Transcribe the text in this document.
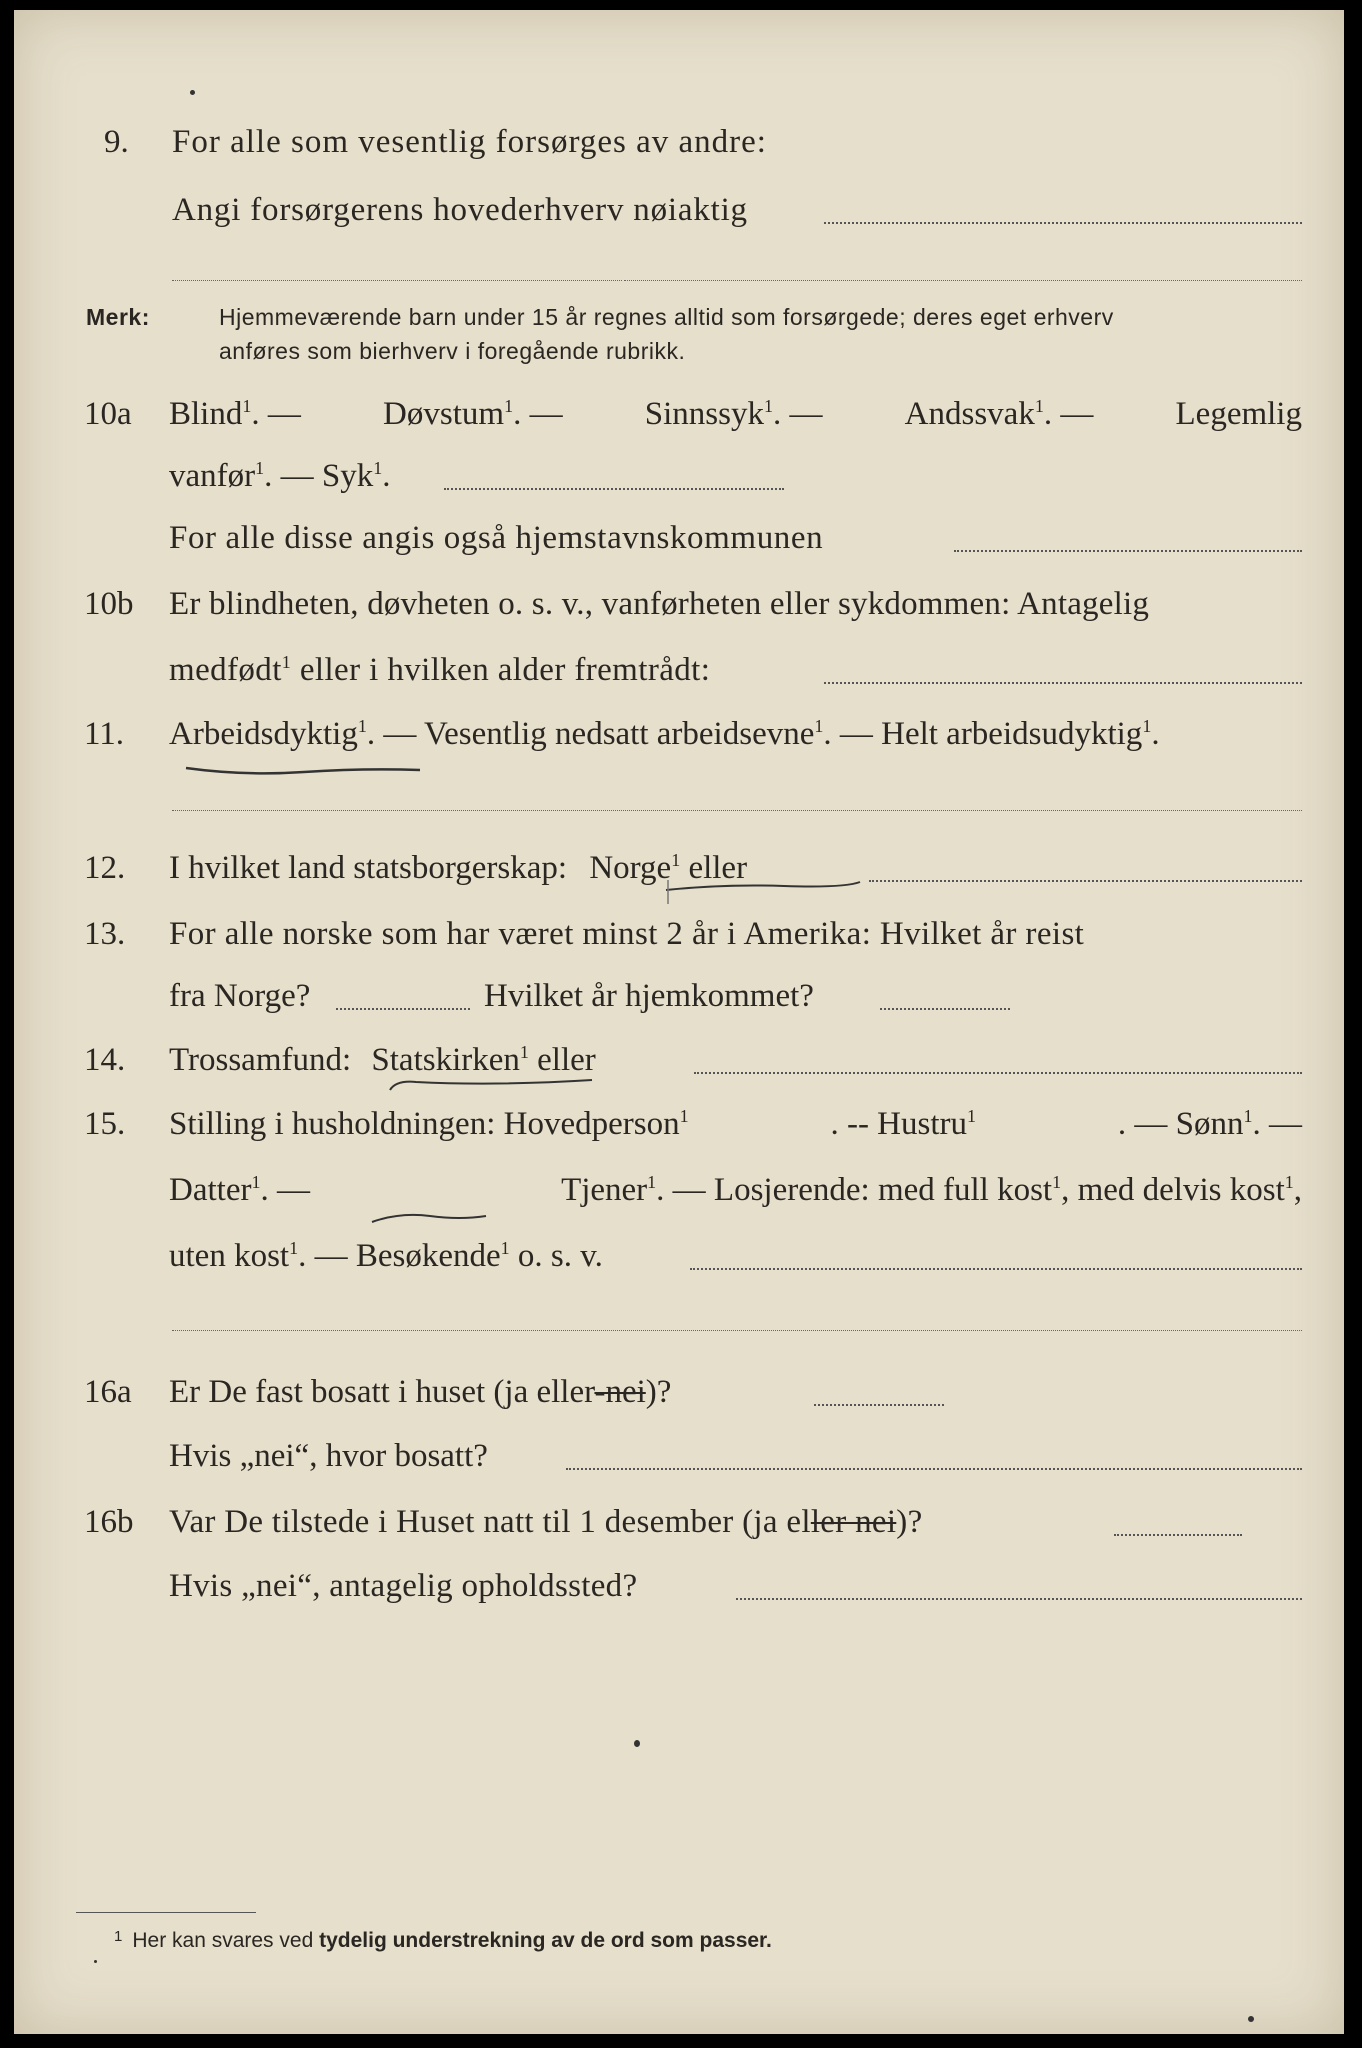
9. For alle som vesentlig forsørges av andre:
Angi forsørgerens hovederhverv nøiaktig
Merk:	Hjemmeværende barn under 15 år regnes alltid som forsørgede; deres eget erhverv
anføres som bierhverv i foregående rubrikk.
10a Blind$^1$. — Døvstum$^1$. — Sinnssyk$^1$. — Andssvak$^1$. — Legemlig
vanfør$^1$. — Syk$^1$.
For alle disse angis også hjemstavnskommunen
10b Er blindheten, døvheten o. s. v., vanførheten eller sykdommen: Antagelig
medfødt$^1$ eller i hvilken alder fremtrådt:
11. Arbeidsdyktig$^1$. — Vesentlig nedsatt arbeidsevne$^1$. — Helt arbeidsudyktig$^1$.
12. I hvilket land statsborgerskap: Norge$^1$ eller
13. For alle norske som har været minst 2 år i Amerika: Hvilket år reist
fra Norge?	Hvilket år hjemkommet?
14. Trossamfund: Statskirken$^1$ eller
15. Stilling i husholdningen: Hovedperson$^1$	. -- Hustru$^1$	. — Sønn$^1$. —
Datter$^1$. —	Tjener$^1$. — Losjerende: med full kost$^1$, med delvis kost$^1$,
uten kost$^1$. — Besøkende$^1$ o. s. v.
16a Er De fast bosatt i huset (ja eller-nei)?
Hvis „nei“, hvor bosatt?
16b Var De tilstede i Huset natt til 1 desember (ja eller nei)?
Hvis „nei“, antagelig opholdssted?
$^1$ Her kan svares ved tydelig understrekning av de ord som passer.
